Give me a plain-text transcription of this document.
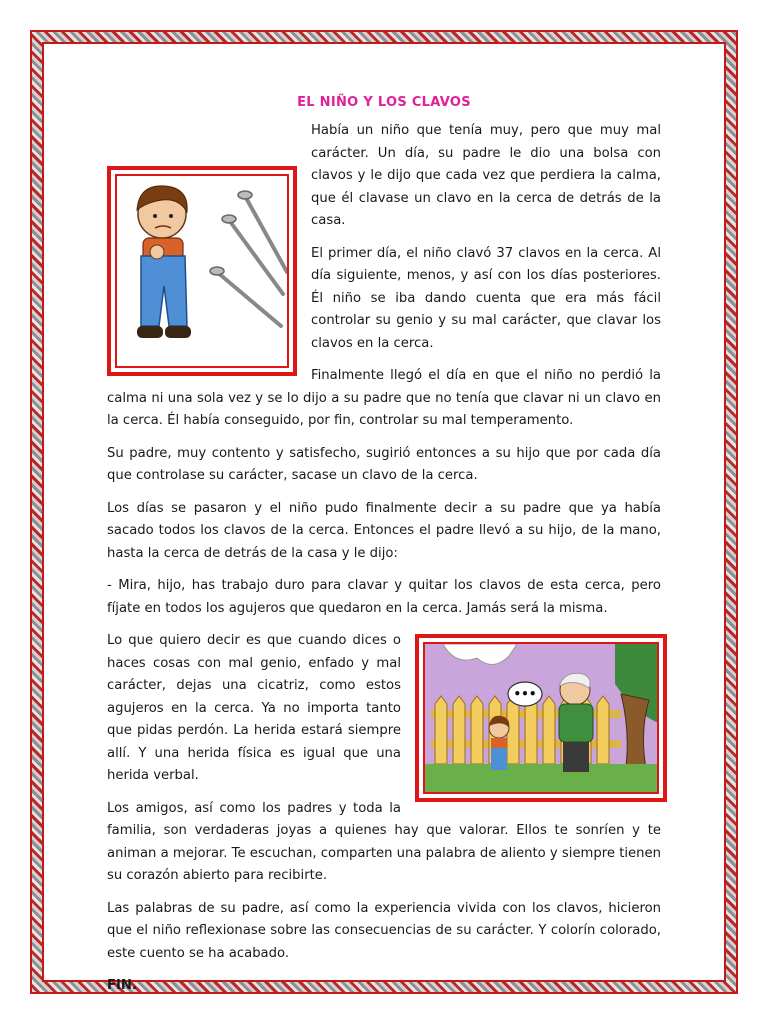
EL NIÑO Y LOS CLAVOS

Había un niño que tenía muy, pero que muy mal carácter. Un día, su padre le dio una bolsa con clavos y le dijo que cada vez que perdiera la calma, que él clavase un clavo en la cerca de detrás de la casa.

El primer día, el niño clavó 37 clavos en la cerca. Al día siguiente, menos, y así con los días posteriores. Él niño se iba dando cuenta que era más fácil controlar su genio y su mal carácter, que clavar los clavos en la cerca.

Finalmente llegó el día en que el niño no perdió la calma ni una sola vez y se lo dijo a su padre que no tenía que clavar ni un clavo en la cerca. Él había conseguido, por fin, controlar su mal temperamento.

Su padre, muy contento y satisfecho, sugirió entonces a su hijo que por cada día que controlase su carácter, sacase un clavo de la cerca.

Los días se pasaron y el niño pudo finalmente decir a su padre que ya había sacado todos los clavos de la cerca. Entonces el padre llevó a su hijo, de la mano, hasta la cerca de detrás de la casa y le dijo:

- Mira, hijo, has trabajo duro para clavar y quitar los clavos de esta cerca, pero fíjate en todos los agujeros que quedaron en la cerca. Jamás será la misma.

•••

Lo que quiero decir es que cuando dices o haces cosas con mal genio, enfado y mal carácter, dejas una cicatriz, como estos agujeros en la cerca. Ya no importa tanto que pidas perdón. La herida estará siempre allí. Y una herida física es igual que una herida verbal.

Los amigos, así como los padres y toda la familia, son verdaderas joyas a quienes hay que valorar. Ellos te sonríen y te animan a mejorar. Te escuchan, comparten una palabra de aliento y siempre tienen su corazón abierto para recibirte.

Las palabras de su padre, así como la experiencia vivida con los clavos, hicieron que el niño reflexionase sobre las consecuencias de su carácter. Y colorín colorado, este cuento se ha acabado.

FIN.
